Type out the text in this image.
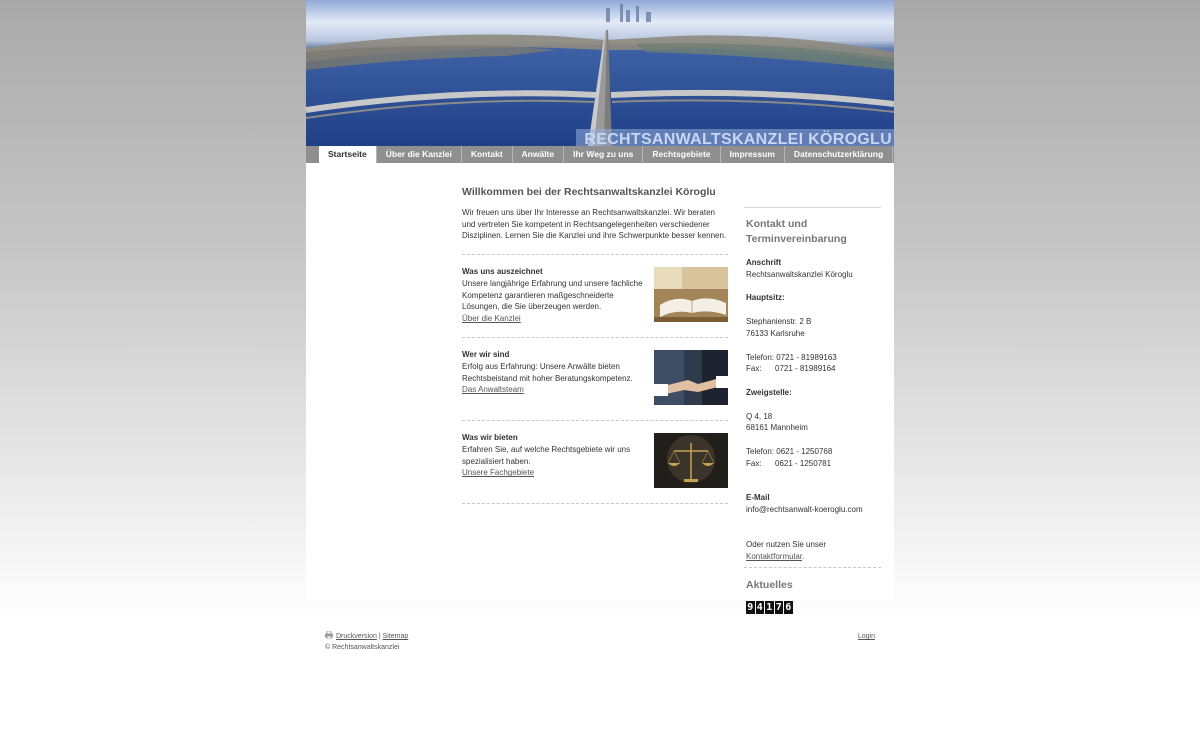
RECHTSANWALTSKANZLEI KÖROGLU
Startseite	Über die Kanzlei	Kontakt	Anwälte	Ihr Weg zu uns	Rechtsgebiete	Impressum	Datenschutzerklärung
Willkommen bei der Rechtsanwaltskanzlei Köroglu
Wir freuen uns über Ihr Interesse an Rechtsanwaltskanzlei. Wir beraten und vertreten Sie kompetent in Rechtsangelegenheiten verschiedener Disziplinen. Lernen Sie die Kanzlei und ihre Schwerpunkte besser kennen.
Was uns auszeichnet
Unsere langjährige Erfahrung und unsere fachliche Kompetenz garantieren maßgeschneiderte Lösungen, die Sie überzeugen werden.
Über die Kanzlei
Wer wir sind
Erfolg aus Erfahrung: Unsere Anwälte bieten Rechtsbeistand mit hoher Beratungskompetenz.
Das Anwaltsteam
Was wir bieten
Erfahren Sie, auf welche Rechtsgebiete wir uns spezialisiert haben.
Unsere Fachgebiete
Kontakt und Terminvereinbarung
Anschrift
Rechtsanwaltskanzlei Köroglu
Hauptsitz:
Stephanienstr. 2 B
76133 Karlsruhe
Telefon: 0721 - 81989163
Fax: 0721 - 81989164
Zweigstelle:
Q 4, 18
68161 Mannheim
Telefon: 0621 - 1250768
Fax: 0621 - 1250781
E-Mail
info@rechtsanwalt-koeroglu.com
Oder nutzen Sie unser
Kontaktformular.
Aktuelles
9 4 1 7 6
Druckversion | Sitemap
© Rechtsanwaltskanzlei
Login
